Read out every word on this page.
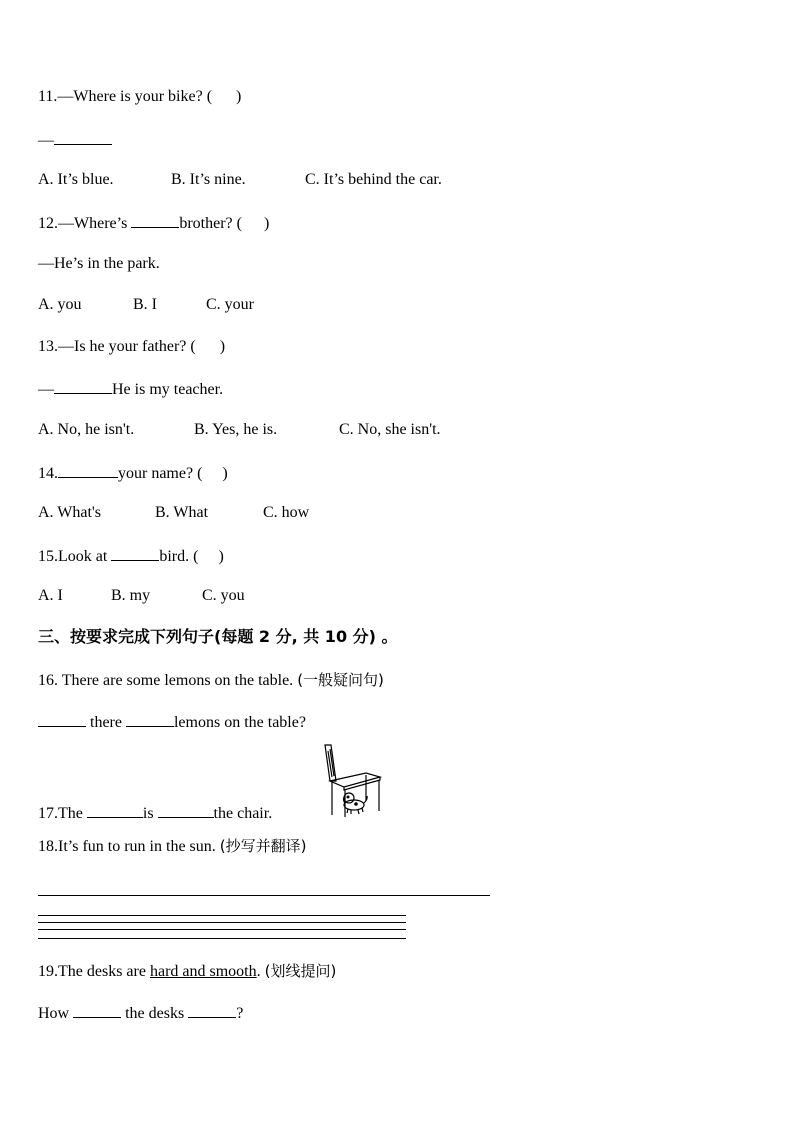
11.—Where is your bike? ( )
—
A. It’s blue.	B. It’s nine.	C. It’s behind the car.
12.—Where’s	brother? ( )
—He’s in the park.
A. you	B. I	C. your
13.—Is he your father? ( )
—	He is my teacher.
A. No, he isn't.	B. Yes, he is.	C. No, she isn't.
14.	your name? ( )
A. What's	B. What	C. how
15.Look at	bird. ( )
A. I	B. my	C. you
三、按要求完成下列句子(每题 2 分, 共 10 分) 。
16. There are some lemons on the table. (一般疑问句)
there	lemons on the table?
17.The	is	the chair.
18.It’s fun to run in the sun. (抄写并翻译)
19.The desks are hard and smooth. (划线提问)
How	the desks	?
